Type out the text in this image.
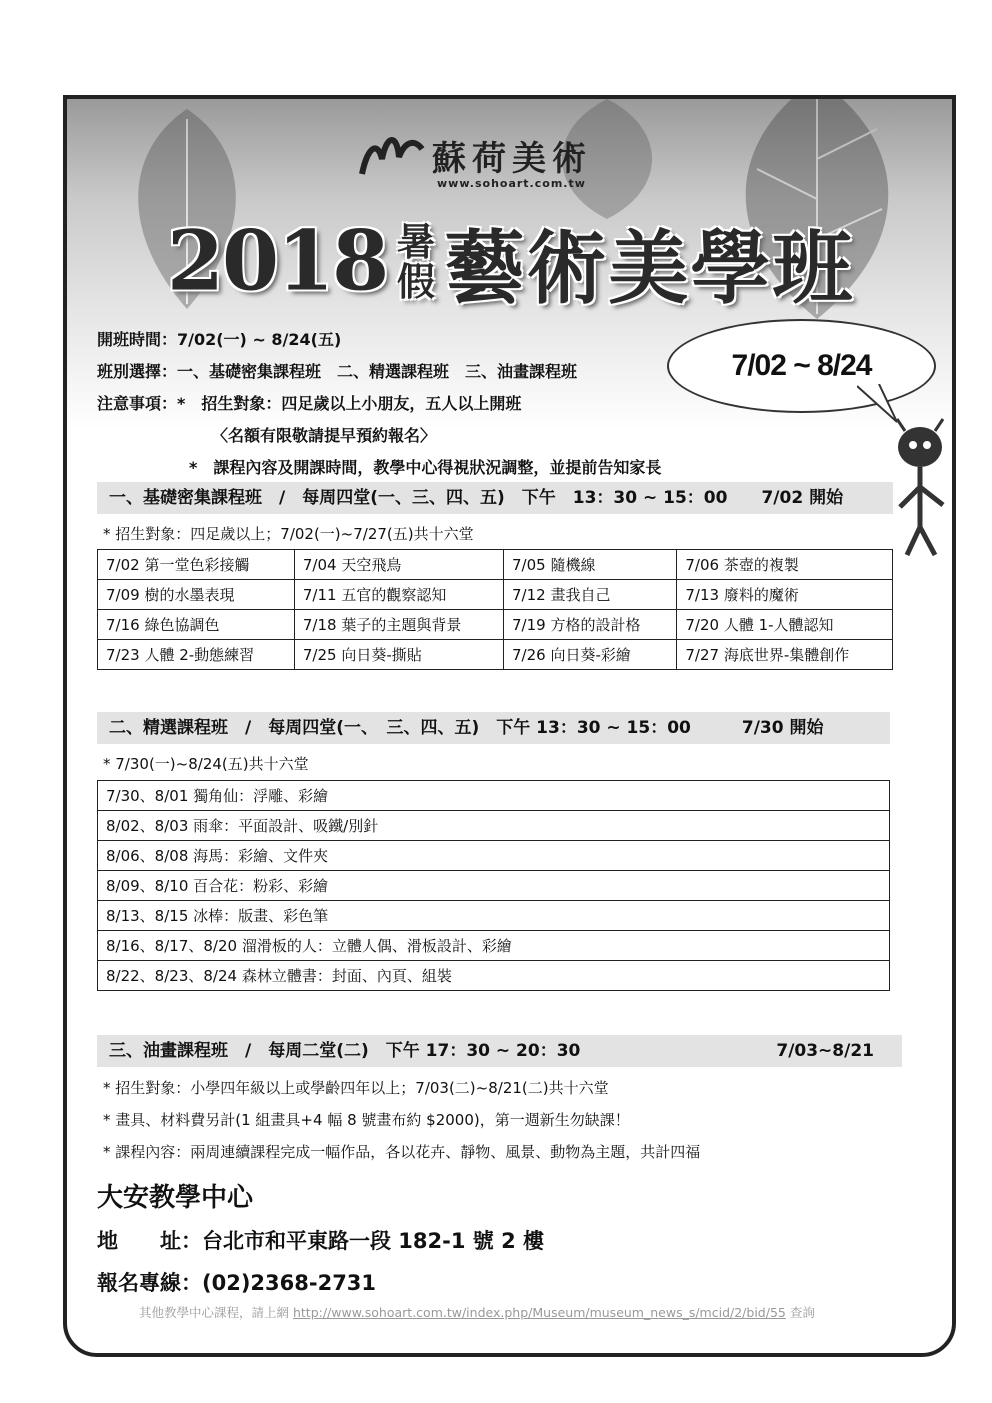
蘇荷美術
www.sohoart.com.tw
2018 暑
假 藝術美學班
開班時間：7/02(一) ~ 8/24(五)
班別選擇：一、基礎密集課程班　二、精選課程班　三、油畫課程班
注意事項：*　招生對象：四足歲以上小朋友，五人以上開班
〈名額有限敬請提早預約報名〉
*　課程內容及開課時間，教學中心得視狀況調整，並提前告知家長
7/02 ~ 8/24
一、基礎密集課程班　/　每周四堂(一、三、四、五)　下午　13：30 ~ 15：00　　7/02 開始
* 招生對象：四足歲以上；7/02(一)~7/27(五)共十六堂
7/02 第一堂色彩接觸	7/04 天空飛鳥	7/05 隨機線	7/06 茶壺的複製
7/09 樹的水墨表現	7/11 五官的觀察認知	7/12 畫我自己	7/13 廢料的魔術
7/16 綠色協調色	7/18 葉子的主題與背景	7/19 方格的設計格	7/20 人體 1-人體認知
7/23 人體 2-動態練習	7/25 向日葵-撕貼	7/26 向日葵-彩繪	7/27 海底世界-集體創作
二、精選課程班　/　每周四堂(一、　三、四、五)　下午 13：30 ~ 15：00　　　7/30 開始
* 7/30(一)~8/24(五)共十六堂
7/30、8/01 獨角仙：浮雕、彩繪
8/02、8/03 雨傘：平面設計、吸鐵/別針
8/06、8/08 海馬：彩繪、文件夾
8/09、8/10 百合花：粉彩、彩繪
8/13、8/15 冰棒：版畫、彩色筆
8/16、8/17、8/20 溜滑板的人：立體人偶、滑板設計、彩繪
8/22、8/23、8/24 森林立體書：封面、內頁、組裝
三、油畫課程班　/　每周二堂(二)　下午 17：30 ~ 20：30	7/03~8/21
* 招生對象：小學四年級以上或學齡四年以上；7/03(二)~8/21(二)共十六堂
* 畫具、材料費另計(1 組畫具+4 幅 8 號畫布約 $2000)，第一週新生勿缺課！
* 課程內容：兩周連續課程完成一幅作品，各以花卉、靜物、風景、動物為主題，共計四福
大安教學中心
地　　址：台北市和平東路一段 182-1 號 2 樓
報名專線：(02)2368-2731
其他教學中心課程，請上網 http://www.sohoart.com.tw/index.php/Museum/museum_news_s/mcid/2/bid/55 查詢
